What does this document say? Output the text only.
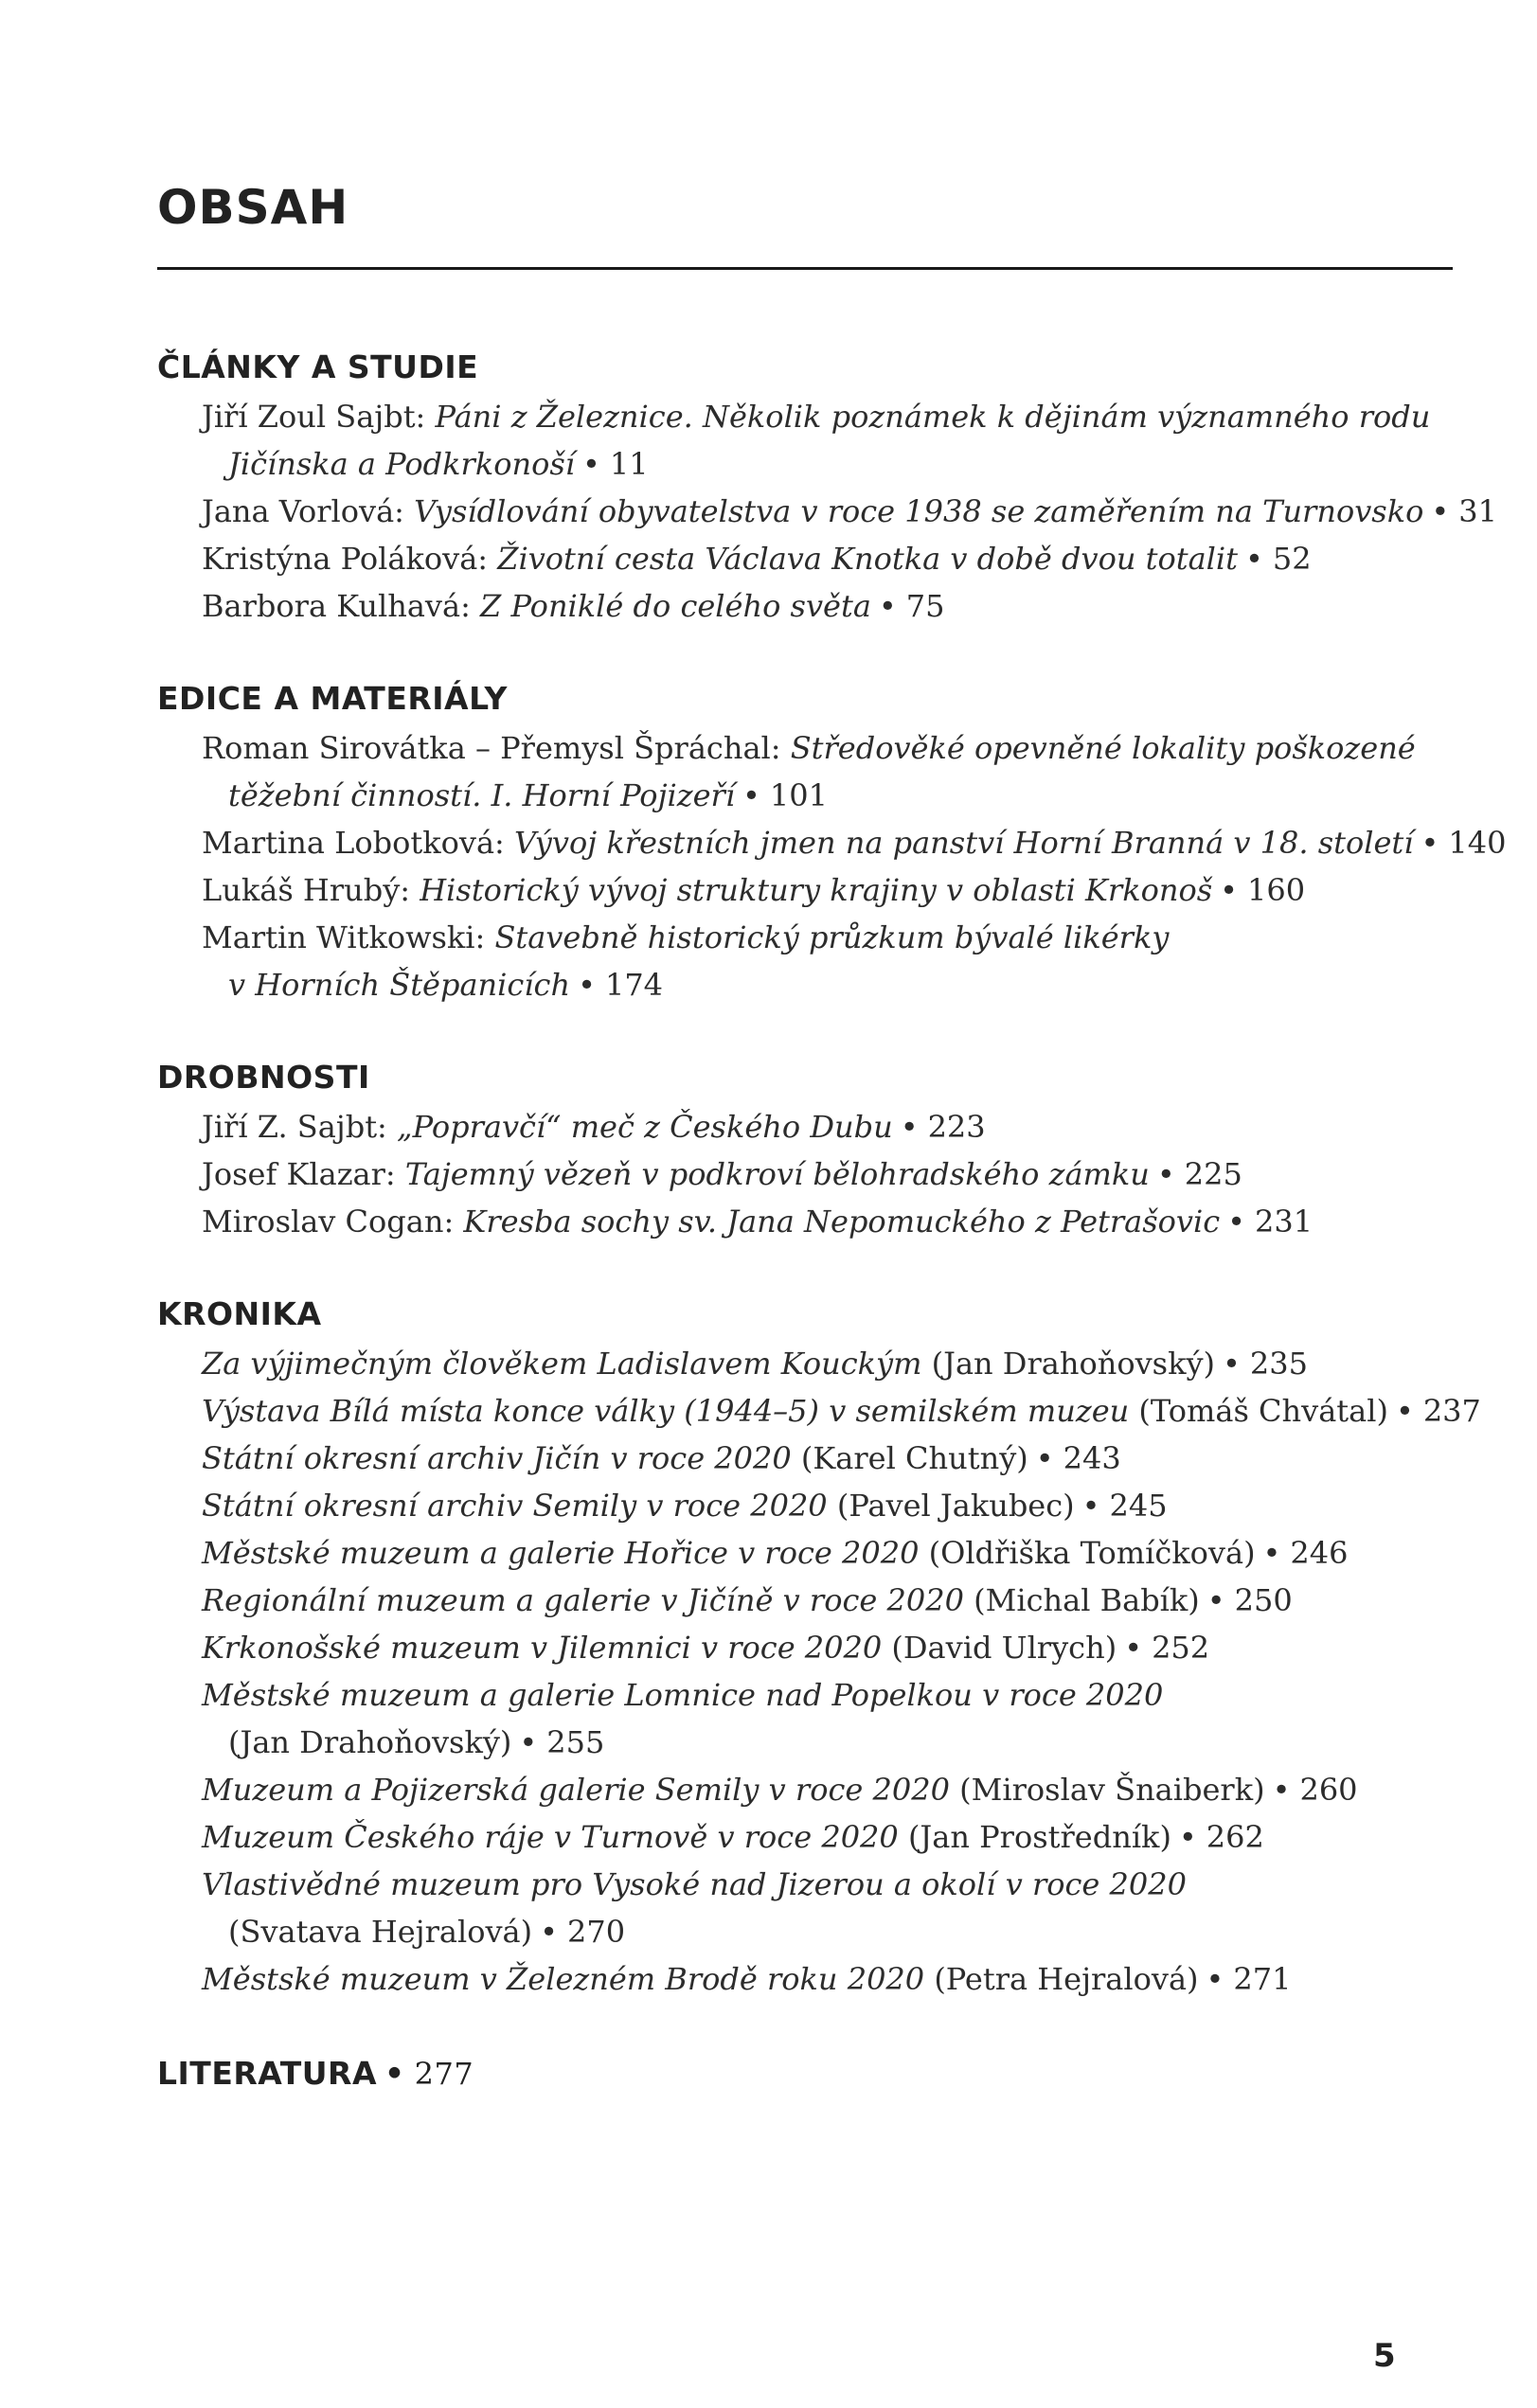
OBSAH
ČLÁNKY A STUDIE
Jiří Zoul Sajbt: Páni z Železnice. Několik poznámek k dějinám významného rodu
Jičínska a Podkrkonoší • 11
Jana Vorlová: Vysídlování obyvatelstva v roce 1938 se zaměřením na Turnovsko • 31
Kristýna Poláková: Životní cesta Václava Knotka v době dvou totalit • 52
Barbora Kulhavá: Z Poniklé do celého světa • 75
EDICE A MATERIÁLY
Roman Sirovátka – Přemysl Špráchal: Středověké opevněné lokality poškozené
těžební činností. I. Horní Pojizeří • 101
Martina Lobotková: Vývoj křestních jmen na panství Horní Branná v 18. století • 140
Lukáš Hrubý: Historický vývoj struktury krajiny v oblasti Krkonoš • 160
Martin Witkowski: Stavebně historický průzkum bývalé likérky
v Horních Štěpanicích • 174
DROBNOSTI
Jiří Z. Sajbt: „Popravčí“ meč z Českého Dubu • 223
Josef Klazar: Tajemný vězeň v podkroví bělohradského zámku • 225
Miroslav Cogan: Kresba sochy sv. Jana Nepomuckého z Petrašovic • 231
KRONIKA
Za výjimečným člověkem Ladislavem Kouckým (Jan Drahoňovský) • 235
Výstava Bílá místa konce války (1944–5) v semilském muzeu (Tomáš Chvátal) • 237
Státní okresní archiv Jičín v roce 2020 (Karel Chutný) • 243
Státní okresní archiv Semily v roce 2020 (Pavel Jakubec) • 245
Městské muzeum a galerie Hořice v roce 2020 (Oldřiška Tomíčková) • 246
Regionální muzeum a galerie v Jičíně v roce 2020 (Michal Babík) • 250
Krkonošské muzeum v Jilemnici v roce 2020 (David Ulrych) • 252
Městské muzeum a galerie Lomnice nad Popelkou v roce 2020
(Jan Drahoňovský) • 255
Muzeum a Pojizerská galerie Semily v roce 2020 (Miroslav Šnaiberk) • 260
Muzeum Českého ráje v Turnově v roce 2020 (Jan Prostředník) • 262
Vlastivědné muzeum pro Vysoké nad Jizerou a okolí v roce 2020
(Svatava Hejralová) • 270
Městské muzeum v Železném Brodě roku 2020 (Petra Hejralová) • 271
LITERATURA • 277
5
